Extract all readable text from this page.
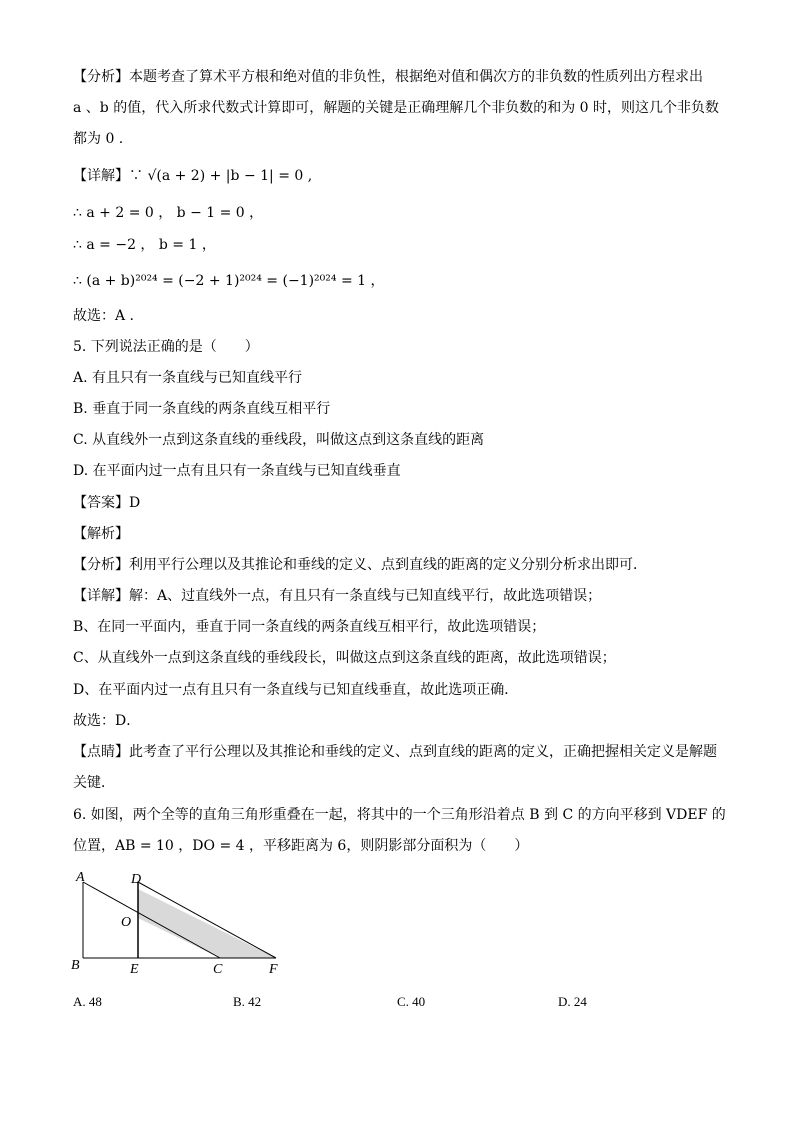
【分析】本题考查了算术平方根和绝对值的非负性，根据绝对值和偶次方的非负数的性质列出方程求出
a 、b 的值，代入所求代数式计算即可，解题的关键是正确理解几个非负数的和为 0 时，则这几个非负数
都为 0 .
【详解】∵ √(a + 2) + |b − 1| = 0 ,
∴ a + 2 = 0 ， b − 1 = 0 ，
∴ a = −2 ， b = 1 ，
∴ (a + b)²⁰²⁴ = (−2 + 1)²⁰²⁴ = (−1)²⁰²⁴ = 1 ，
故选：A .
5. 下列说法正确的是（　　）
A. 有且只有一条直线与已知直线平行
B. 垂直于同一条直线的两条直线互相平行
C. 从直线外一点到这条直线的垂线段，叫做这点到这条直线的距离
D. 在平面内过一点有且只有一条直线与已知直线垂直
【答案】D
【解析】
【分析】利用平行公理以及其推论和垂线的定义、点到直线的距离的定义分别分析求出即可．
【详解】解：A、过直线外一点，有且只有一条直线与已知直线平行，故此选项错误；
B、在同一平面内，垂直于同一条直线的两条直线互相平行，故此选项错误；
C、从直线外一点到这条直线的垂线段长，叫做这点到这条直线的距离，故此选项错误；
D、在平面内过一点有且只有一条直线与已知直线垂直，故此选项正确．
故选：D．
【点睛】此考查了平行公理以及其推论和垂线的定义、点到直线的距离的定义，正确把握相关定义是解题
关键．
6. 如图，两个全等的直角三角形重叠在一起，将其中的一个三角形沿着点 B 到 C 的方向平移到 VDEF 的
位置，AB = 10 ，DO = 4 ，平移距离为 6，则阴影部分面积为（　　）
A	D
O
B	E	C	F
A. 48	B. 42	C. 40	D. 24
